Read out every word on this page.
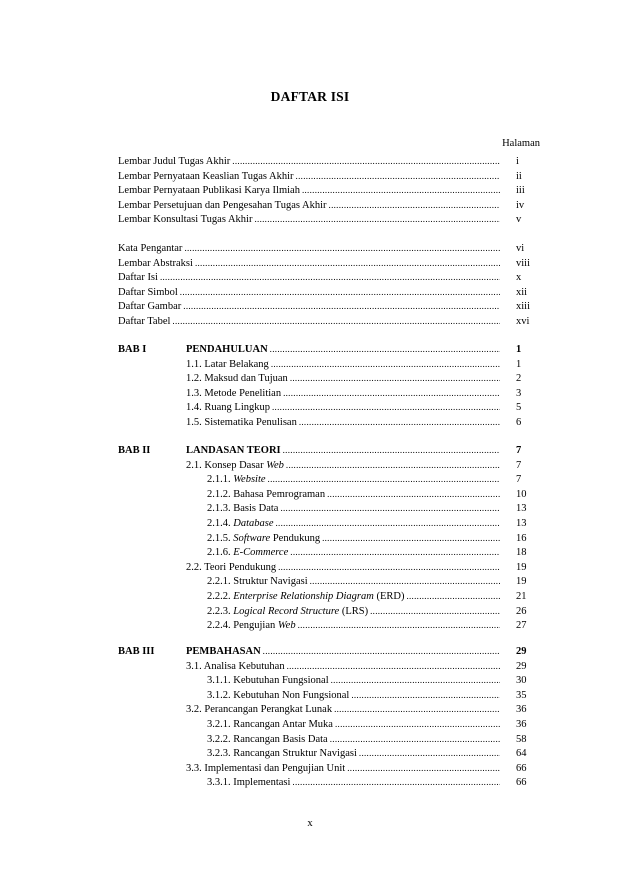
DAFTAR ISI
Halaman
Lembar Judul Tugas Akhir .....	i
Lembar Pernyataan Keaslian Tugas Akhir .....	ii
Lembar Pernyataan Publikasi Karya Ilmiah .....	iii
Lembar Persetujuan dan Pengesahan Tugas Akhir .....	iv
Lembar Konsultasi Tugas Akhir .....	v
Kata Pengantar .....	vi
Lembar Abstraksi .....	viii
Daftar Isi .....	x
Daftar Simbol .....	xii
Daftar Gambar .....	xiii
Daftar Tabel .....	xvi
BAB I	PENDAHULUAN .....	1
1.1. Latar Belakang .....	1
1.2. Maksud dan Tujuan .....	2
1.3. Metode Penelitian .....	3
1.4. Ruang Lingkup .....	5
1.5. Sistematika Penulisan .....	6
BAB II	LANDASAN TEORI .....	7
2.1. Konsep Dasar Web .....	7
2.1.1. Website .....	7
2.1.2. Bahasa Pemrograman .....	10
2.1.3. Basis Data .....	13
2.1.4. Database .....	13
2.1.5. Software Pendukung .....	16
2.1.6. E-Commerce .....	18
2.2. Teori Pendukung .....	19
2.2.1. Struktur Navigasi .....	19
2.2.2. Enterprise Relationship Diagram (ERD) .....	21
2.2.3. Logical Record Structure (LRS) .....	26
2.2.4. Pengujian Web .....	27
BAB III	PEMBAHASAN .....	29
3.1. Analisa Kebutuhan .....	29
3.1.1. Kebutuhan Fungsional .....	30
3.1.2. Kebutuhan Non Fungsional .....	35
3.2. Perancangan Perangkat Lunak .....	36
3.2.1. Rancangan Antar Muka .....	36
3.2.2. Rancangan Basis Data .....	58
3.2.3. Rancangan Struktur Navigasi .....	64
3.3. Implementasi dan Pengujian Unit .....	66
3.3.1. Implementasi .....	66
x
